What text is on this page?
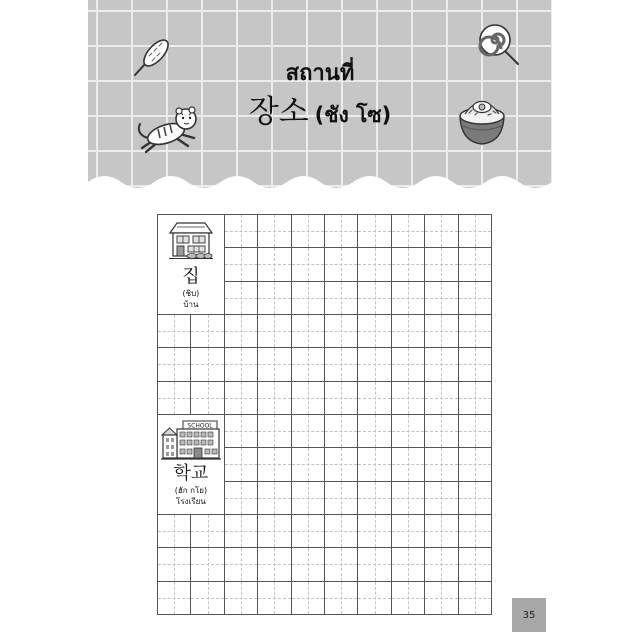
สถานที่
장소 (ชัง โซ)
집
(ชิบ)
บ้าน
SCHOOL
학교
(ฮัก กโย)
โรงเรียน
35
